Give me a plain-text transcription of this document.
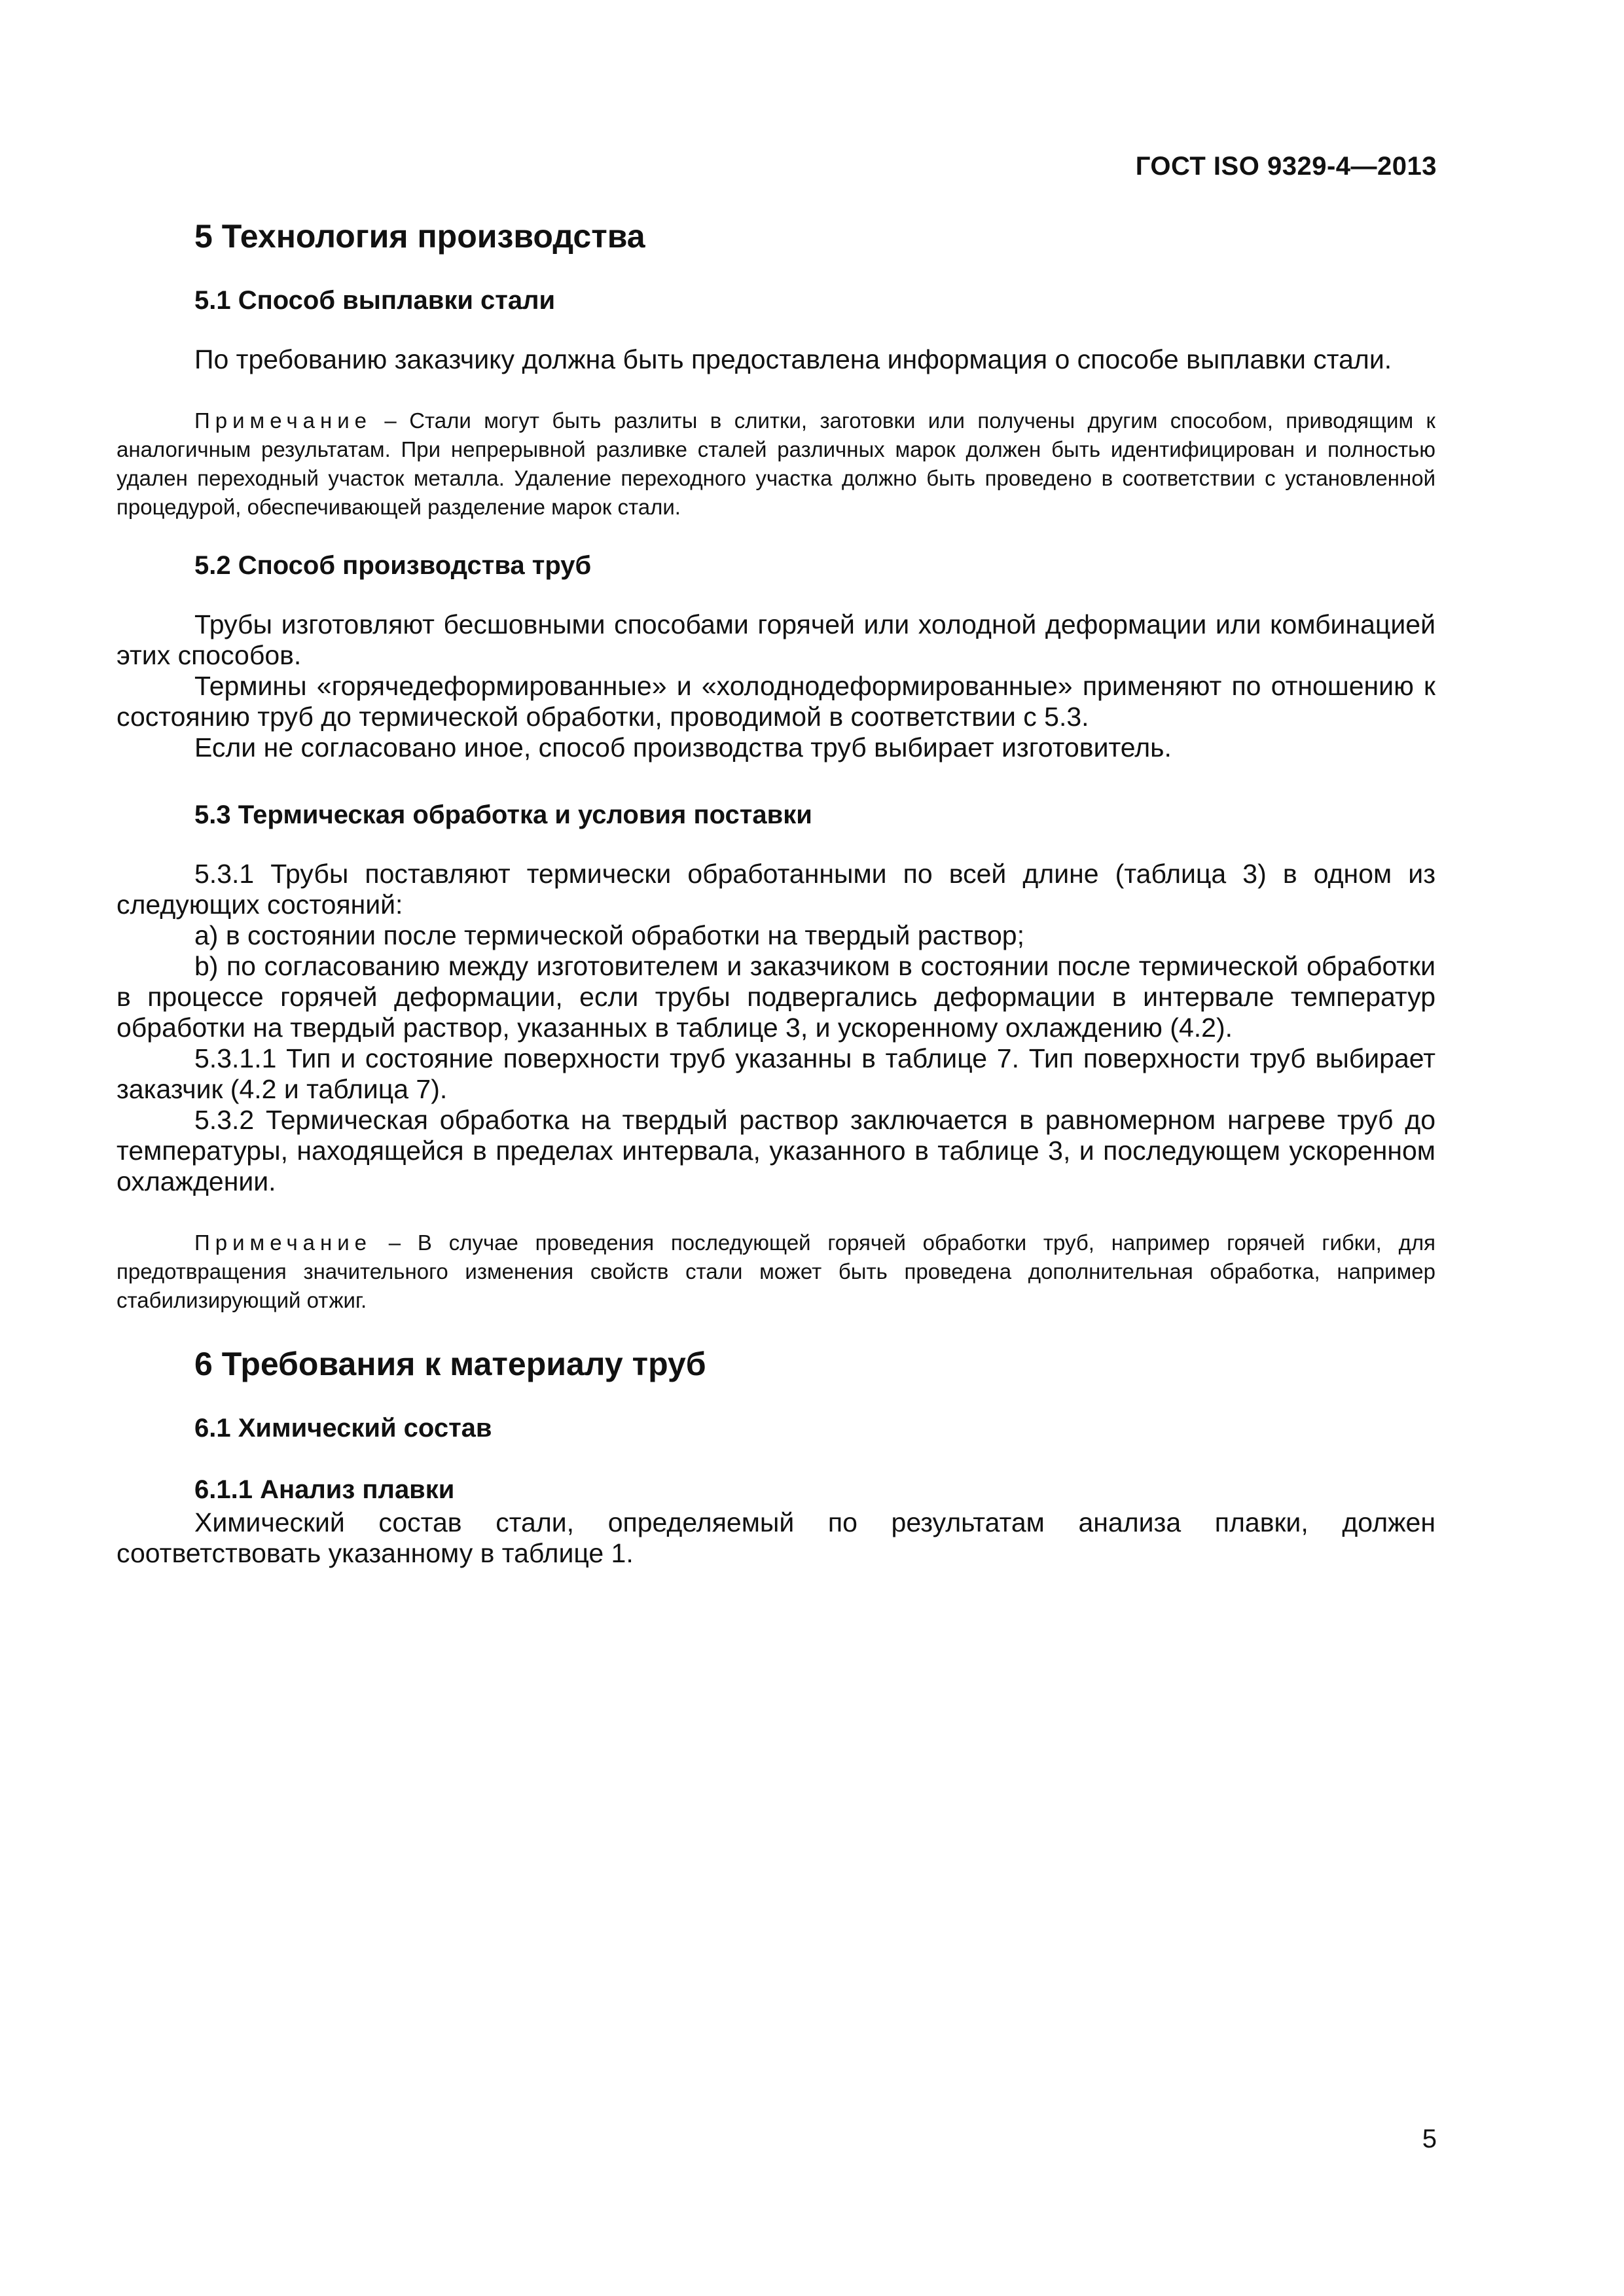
ГОСТ ISO 9329-4—2013
5 Технология производства
5.1 Способ выплавки стали

По требованию заказчику должна быть предоставлена информация о способе выплавки стали.

Примечание – Стали могут быть разлиты в слитки, заготовки или получены другим способом, приводящим к аналогичным результатам. При непрерывной разливке сталей различных марок должен быть идентифицирован и полностью удален переходный участок металла. Удаление переходного участка должно быть проведено в соответствии с установленной процедурой, обеспечивающей разделение марок стали.

5.2 Способ производства труб

Трубы изготовляют бесшовными способами горячей или холодной деформации или комбинацией этих способов.

Термины «горячедеформированные» и «холоднодеформированные» применяют по отношению к состоянию труб до термической обработки, проводимой в соответствии с 5.3.

Если не согласовано иное, способ производства труб выбирает изготовитель.

5.3 Термическая обработка и условия поставки

5.3.1 Трубы поставляют термически обработанными по всей длине (таблица 3) в одном из следующих состояний:

a) в состоянии после термической обработки на твердый раствор;

b) по согласованию между изготовителем и заказчиком в состоянии после термической обработки в процессе горячей деформации, если трубы подвергались деформации в интервале температур обработки на твердый раствор, указанных в таблице 3, и ускоренному охлаждению (4.2).

5.3.1.1 Тип и состояние поверхности труб указанны в таблице 7. Тип поверхности труб выбирает заказчик (4.2 и таблица 7).

5.3.2 Термическая обработка на твердый раствор заключается в равномерном нагреве труб до температуры, находящейся в пределах интервала, указанного в таблице 3, и последующем ускоренном охлаждении.

Примечание – В случае проведения последующей горячей обработки труб, например горячей гибки, для предотвращения значительного изменения свойств стали может быть проведена дополнительная обработка, например стабилизирующий отжиг.

6 Требования к материалу труб
6.1 Химический состав
6.1.1 Анализ плавки

Химический состав стали, определяемый по результатам анализа плавки, должен соответствовать указанному в таблице 1.

5
